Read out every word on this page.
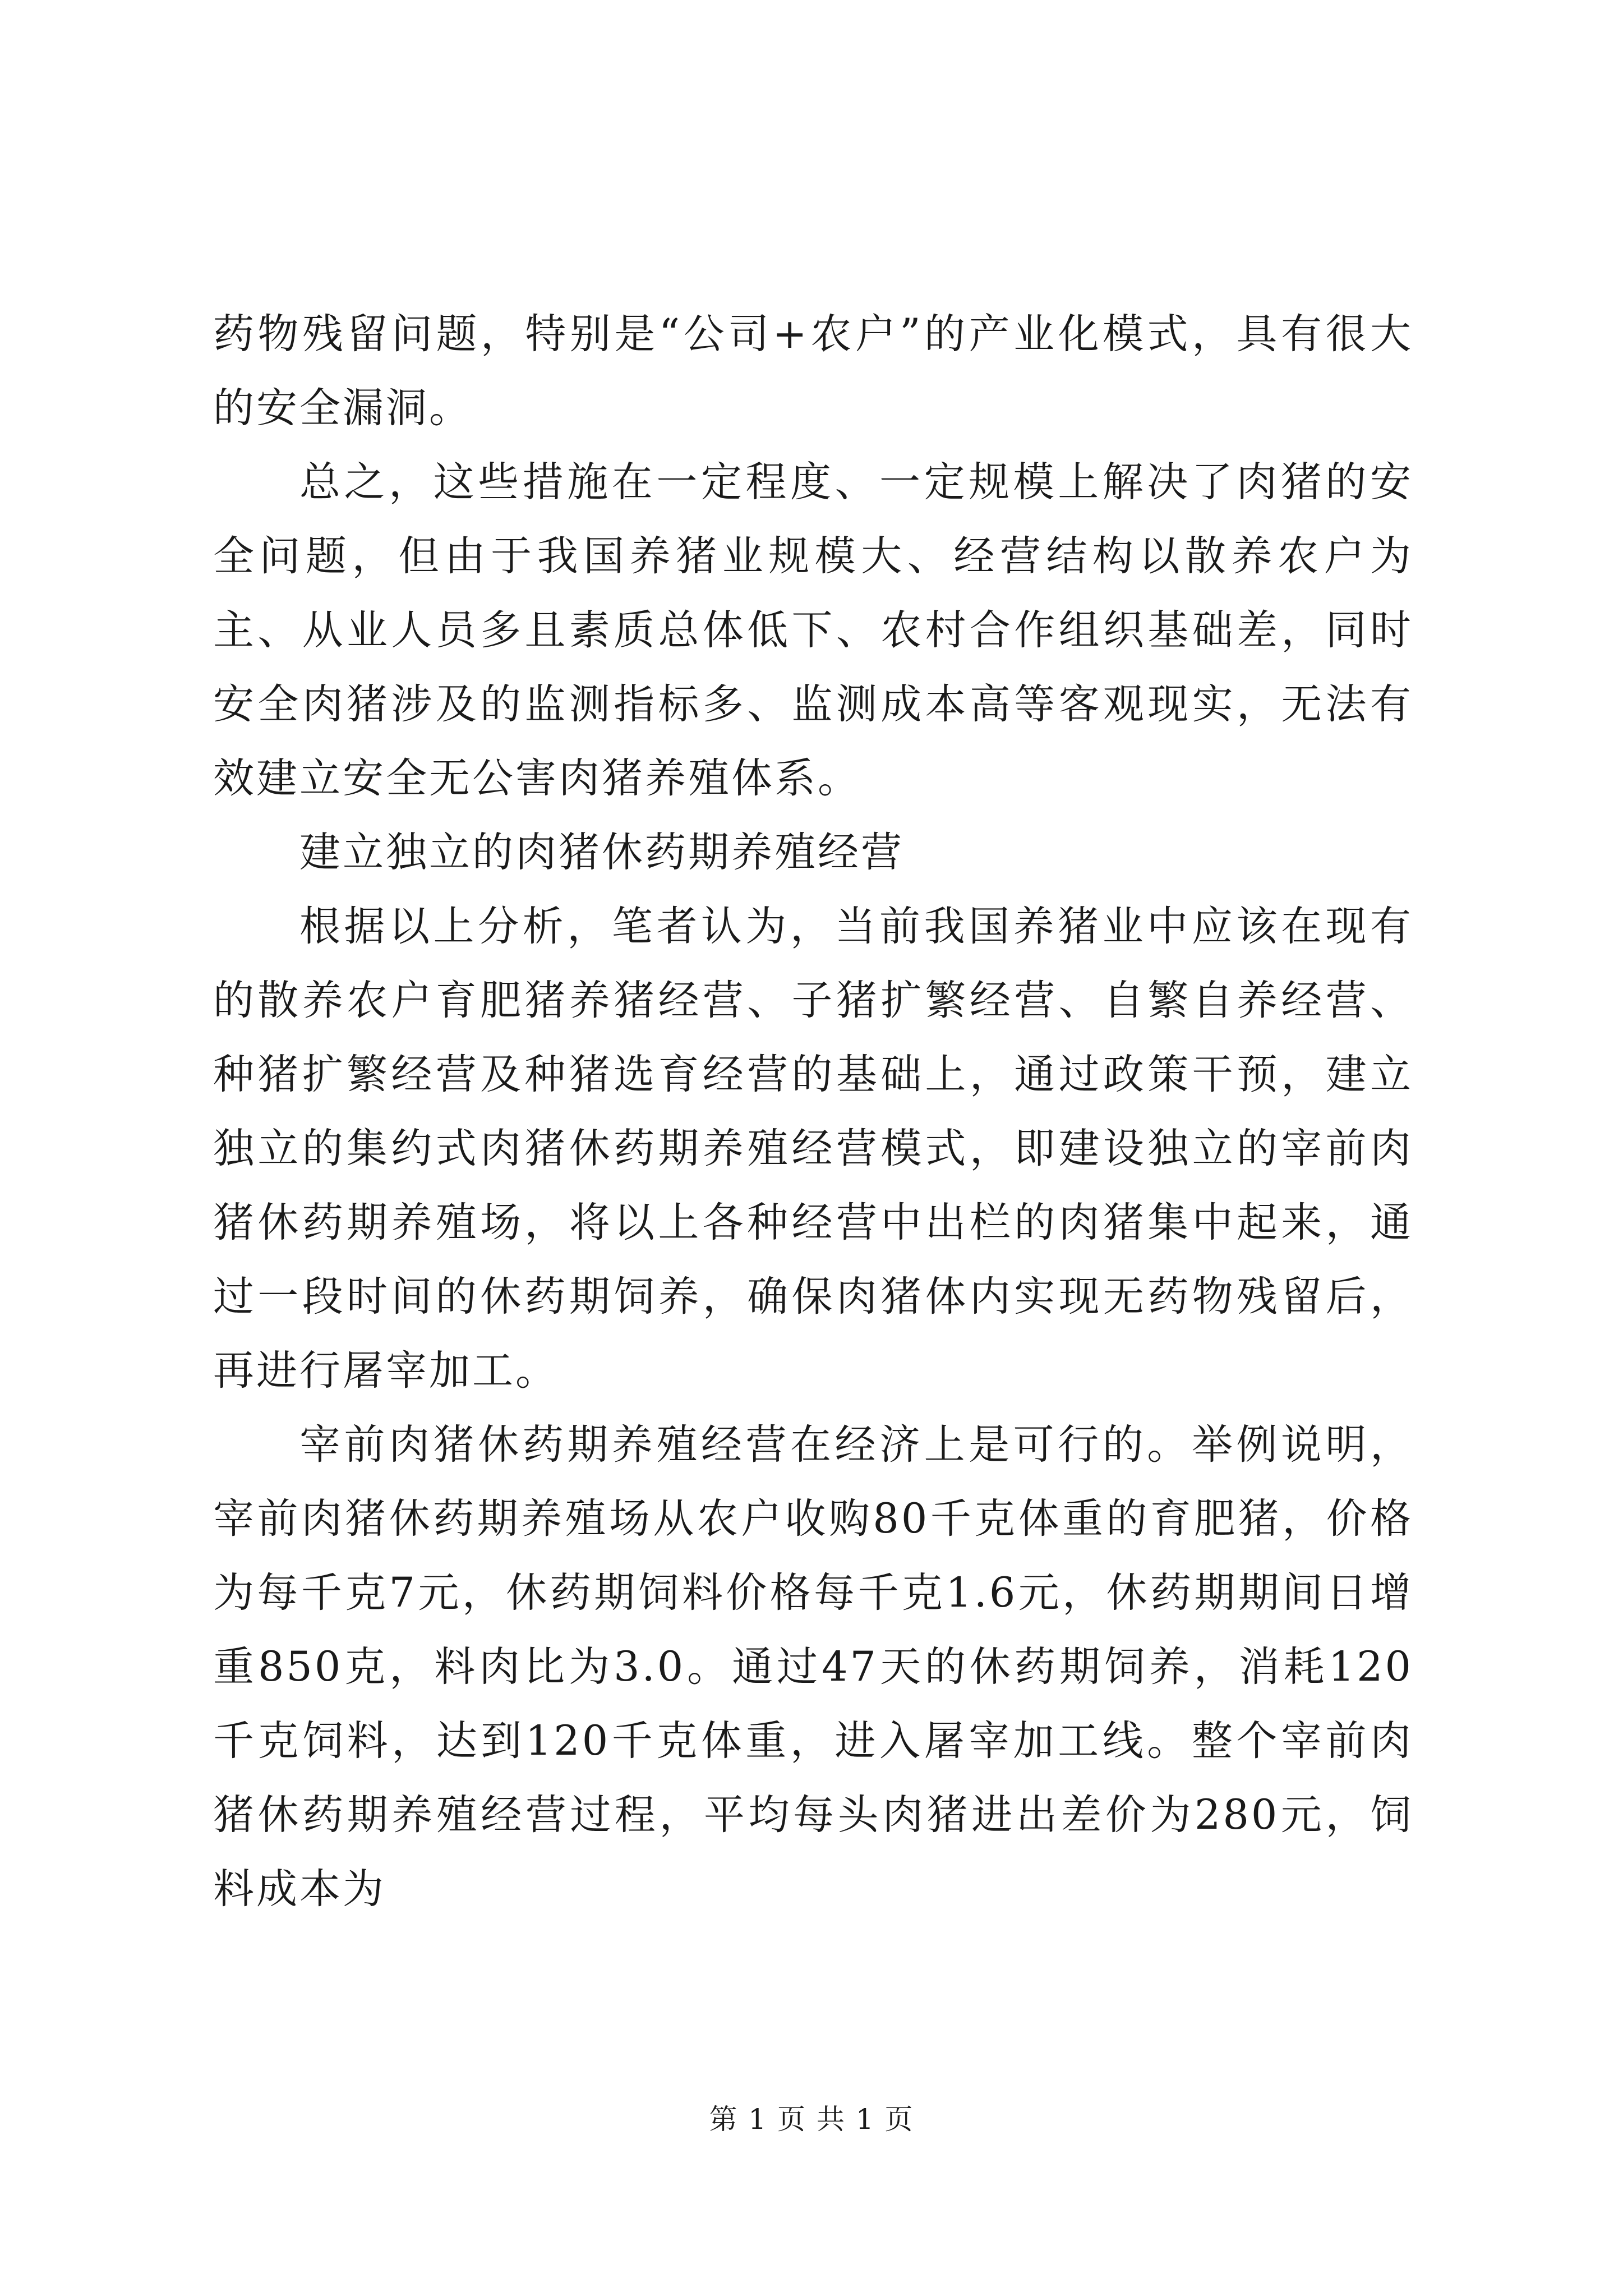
药物残留问题，特别是“公司+农户”的产业化模式，具有很大的安全漏洞。

总之，这些措施在一定程度、一定规模上解决了肉猪的安全问题，但由于我国养猪业规模大、经营结构以散养农户为主、从业人员多且素质总体低下、农村合作组织基础差，同时安全肉猪涉及的监测指标多、监测成本高等客观现实，无法有效建立安全无公害肉猪养殖体系。

建立独立的肉猪休药期养殖经营

根据以上分析，笔者认为，当前我国养猪业中应该在现有的散养农户育肥猪养猪经营、子猪扩繁经营、自繁自养经营、种猪扩繁经营及种猪选育经营的基础上，通过政策干预，建立独立的集约式肉猪休药期养殖经营模式，即建设独立的宰前肉猪休药期养殖场，将以上各种经营中出栏的肉猪集中起来，通过一段时间的休药期饲养，确保肉猪体内实现无药物残留后，再进行屠宰加工。

宰前肉猪休药期养殖经营在经济上是可行的。举例说明，宰前肉猪休药期养殖场从农户收购80千克体重的育肥猪，价格为每千克7元，休药期饲料价格每千克1.6元，休药期期间日增重850克，料肉比为3.0。通过47天的休药期饲养，消耗120千克饲料，达到120千克体重，进入屠宰加工线。整个宰前肉猪休药期养殖经营过程，平均每头肉猪进出差价为280元，饲料成本为

第 1 页 共 1 页
